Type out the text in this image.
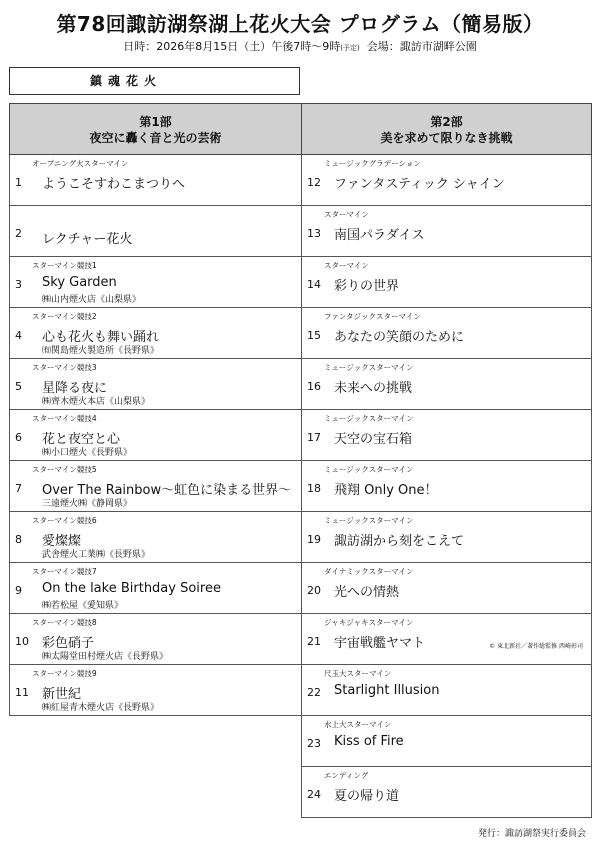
第78回諏訪湖祭湖上花火大会 プログラム（簡易版）
日時：2026年8月15日（土）午後7時～9時(予定) 会場：諏訪市湖畔公園
鎮魂花火
第1部
夜空に轟く音と光の芸術
第2部
美を求めて限りなき挑戦
オープニング大スターマイン
1 ようこそすわこまつりへ
2 レクチャー花火
スターマイン競技1
3 Sky Garden
㈱山内煙火店《山梨県》
スターマイン競技2
4 心も花火も舞い踊れ
㈲関島煙火製造所《長野県》
スターマイン競技3
5 星降る夜に
㈱齊木煙火本店《山梨県》
スターマイン競技4
6 花と夜空と心
㈱小口煙火《長野県》
スターマイン競技5
7 Over The Rainbow～虹色に染まる世界～
三遠煙火㈱《静岡県》
スターマイン競技6
8 愛燦燦
武舎煙火工業㈱《長野県》
スターマイン競技7
9 On the lake Birthday Soiree
㈱若松屋《愛知県》
スターマイン競技8
10 彩色硝子
㈱太陽堂田村煙火店《長野県》
スターマイン競技9
11 新世紀
㈱紅屋青木煙火店《長野県》
ミュージックグラデーション
12 ファンタスティック シャイン
スターマイン
13 南国パラダイス
スターマイン
14 彩りの世界
ファンタジックスターマイン
15 あなたの笑顔のために
ミュージックスターマイン
16 未来への挑戦
ミュージックスターマイン
17 天空の宝石箱
ミュージックスターマイン
18 飛翔 Only One！
ミュージックスターマイン
19 諏訪湖から刻をこえて
ダイナミックスターマイン
20 光への情熱
ジャキジャキスターマイン
21 宇宙戦艦ヤマト	© 東北新社／著作総監修 西崎彰司
尺玉大スターマイン
22 Starlight Illusion
水上大スターマイン
23 Kiss of Fire
エンディング
24 夏の帰り道
発行：諏訪湖祭実行委員会
